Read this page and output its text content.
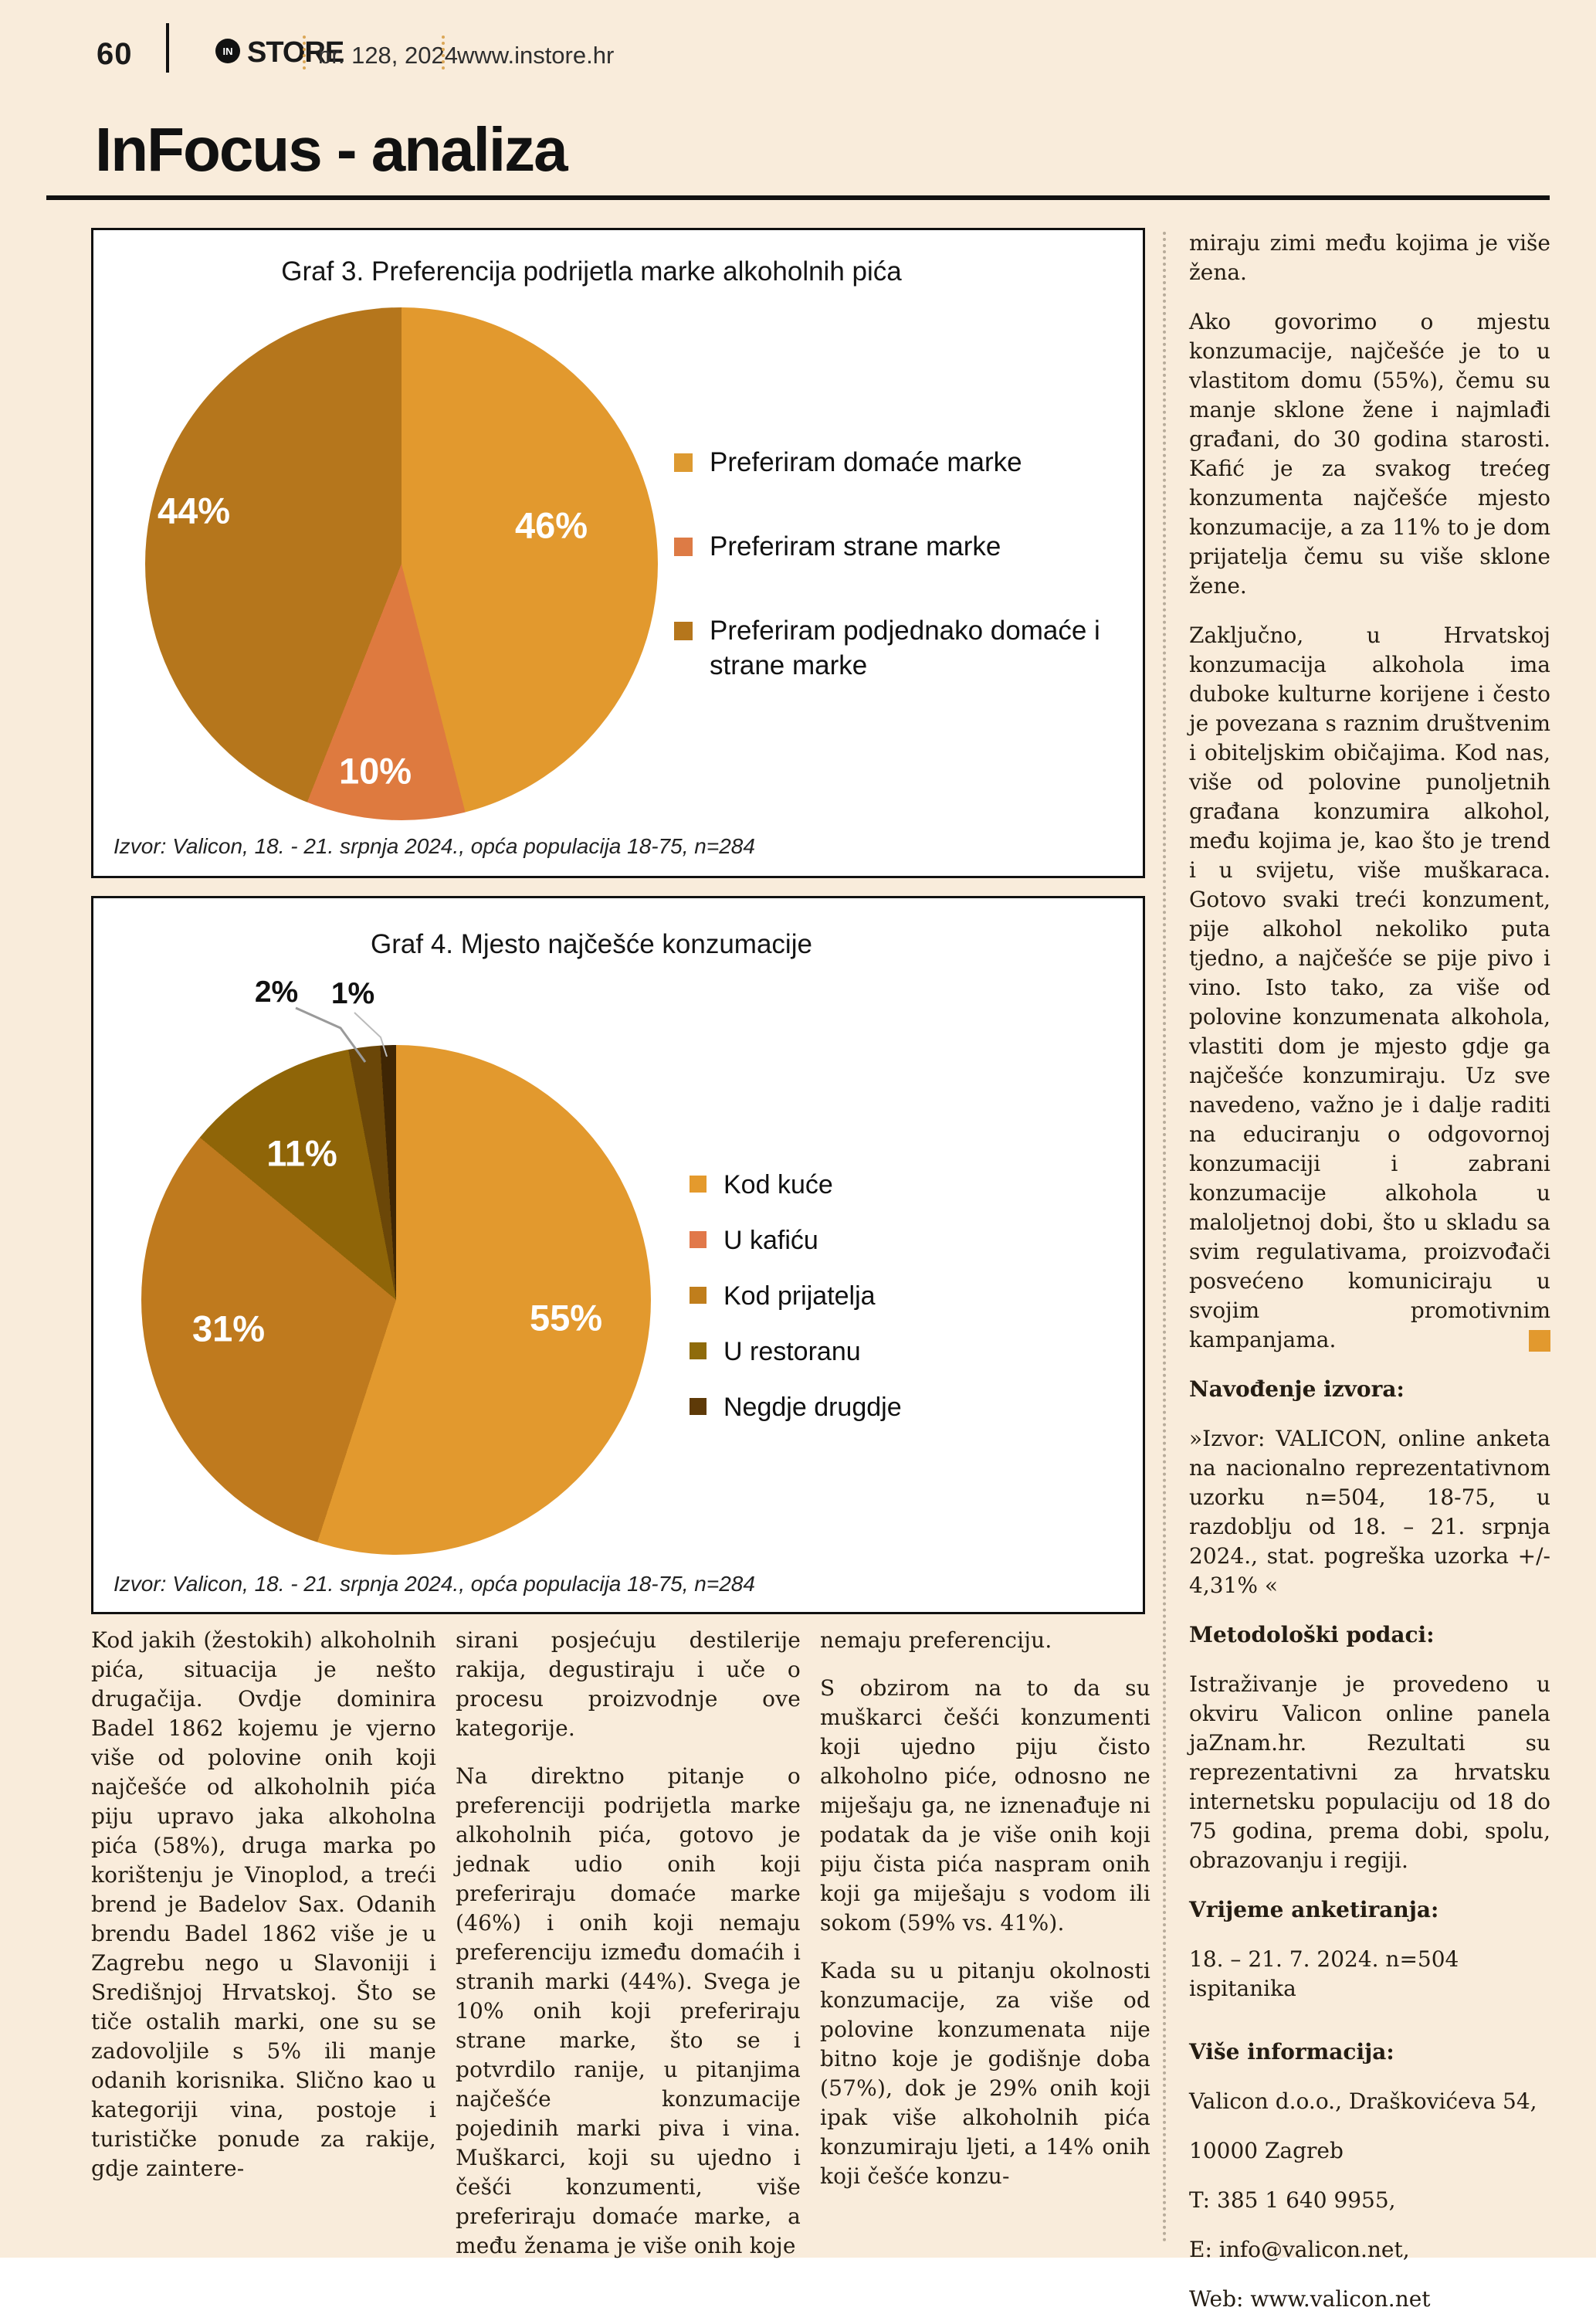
60	IN STORE
br. 128, 2024.
www.instore.hr
InFocus - analiza
Graf 3. Preferencija podrijetla marke alkoholnih pića
46%
10%
44%
Preferiram domaće marke
Preferiram strane marke
Preferiram podjednako domaće i strane marke
Izvor: Valicon, 18. - 21. srpnja 2024., opća populacija 18-75, n=284
Graf 4. Mjesto najčešće konzumacije
55%
31%
11%
2% 1%
Kod kuće
U kafiću
Kod prijatelja
U restoranu
Negdje drugdje
Izvor: Valicon, 18. - 21. srpnja 2024., opća populacija 18-75, n=284

Kod jakih (žestokih) alkoholnih pića, situacija je nešto drugačija. Ovdje dominira Badel 1862 kojemu je vjerno više od polovine onih koji najčešće od alkoholnih pića piju upravo jaka alkoholna pića (58%), druga marka po korištenju je Vinoplod, a treći brend je Badelov Sax. Odanih brendu Badel 1862 više je u Zagrebu nego u Slavoniji i Središnjoj Hrvatskoj. Što se tiče ostalih marki, one su se zadovoljile s 5% ili manje odanih korisnika. Slično kao u kategoriji vina, postoje i turističke ponude za rakije, gdje zaintere-

sirani posjećuju destilerije rakija, degustiraju i uče o procesu proizvodnje ove kategorije.

Na direktno pitanje o preferenciji podrijetla marke alkoholnih pića, gotovo je jednak udio onih koji preferiraju domaće marke (46%) i onih koji nemaju preferenciju između domaćih i stranih marki (44%). Svega je 10% onih koji preferiraju strane marke, što se i potvrdilo ranije, u pitanjima najčešće konzumacije pojedinih marki piva i vina. Muškarci, koji su ujedno i češći konzumenti, više preferiraju domaće marke, a među ženama je više onih koje

nemaju preferenciju.

S obzirom na to da su muškarci češći konzumenti koji ujedno piju čisto alkoholno piće, odnosno ne miješaju ga, ne iznenađuje ni podatak da je više onih koji piju čista pića naspram onih koji ga miješaju s vodom ili sokom (59% vs. 41%).

Kada su u pitanju okolnosti konzumacije, za više od polovine konzumenata nije bitno koje je godišnje doba (57%), dok je 29% onih koji ipak više alkoholnih pića konzumiraju ljeti, a 14% onih koji češće konzu-

miraju zimi među kojima je više žena.

Ako govorimo o mjestu konzumacije, najčešće je to u vlastitom domu (55%), čemu su manje sklone žene i najmlađi građani, do 30 godina starosti. Kafić je za svakog trećeg konzumenta najčešće mjesto konzumacije, a za 11% to je dom prijatelja čemu su više sklone žene.

Zaključno, u Hrvatskoj konzumacija alkohola ima duboke kulturne korijene i često je povezana s raznim društvenim i obiteljskim običajima. Kod nas, više od polovine punoljetnih građana konzumira alkohol, među kojima je, kao što je trend i u svijetu, više muškaraca. Gotovo svaki treći konzument, pije alkohol nekoliko puta tjedno, a najčešće se pije pivo i vino. Isto tako, za više od polovine konzumenata alkohola, vlastiti dom je mjesto gdje ga najčešće konzumiraju. Uz sve navedeno, važno je i dalje raditi na educiranju o odgovornoj konzumaciji i zabrani konzumacije alkohola u maloljetnoj dobi, što u skladu sa svim regulativama, proizvođači posvećeno komuniciraju u svojim promotivnim kampanjama.

Navođenje izvora:

»Izvor: VALICON, online anketa na nacionalno reprezentativnom uzorku n=504, 18-75, u razdoblju od 18. – 21. srpnja 2024., stat. pogreška uzorka +/- 4,31% «

Metodološki podaci:

Istraživanje je provedeno u okviru Valicon online panela jaZnam.hr. Rezultati su reprezentativni za hrvatsku internetsku populaciju od 18 do 75 godina, prema dobi, spolu, obrazovanju i regiji.

Vrijeme anketiranja:

18. – 21. 7. 2024. n=504 ispitanika

Više informacija:

Valicon d.o.o., Draškovićeva 54,

10000 Zagreb

T: 385 1 640 9955,

E: info@valicon.net,

Web: www.valicon.net
